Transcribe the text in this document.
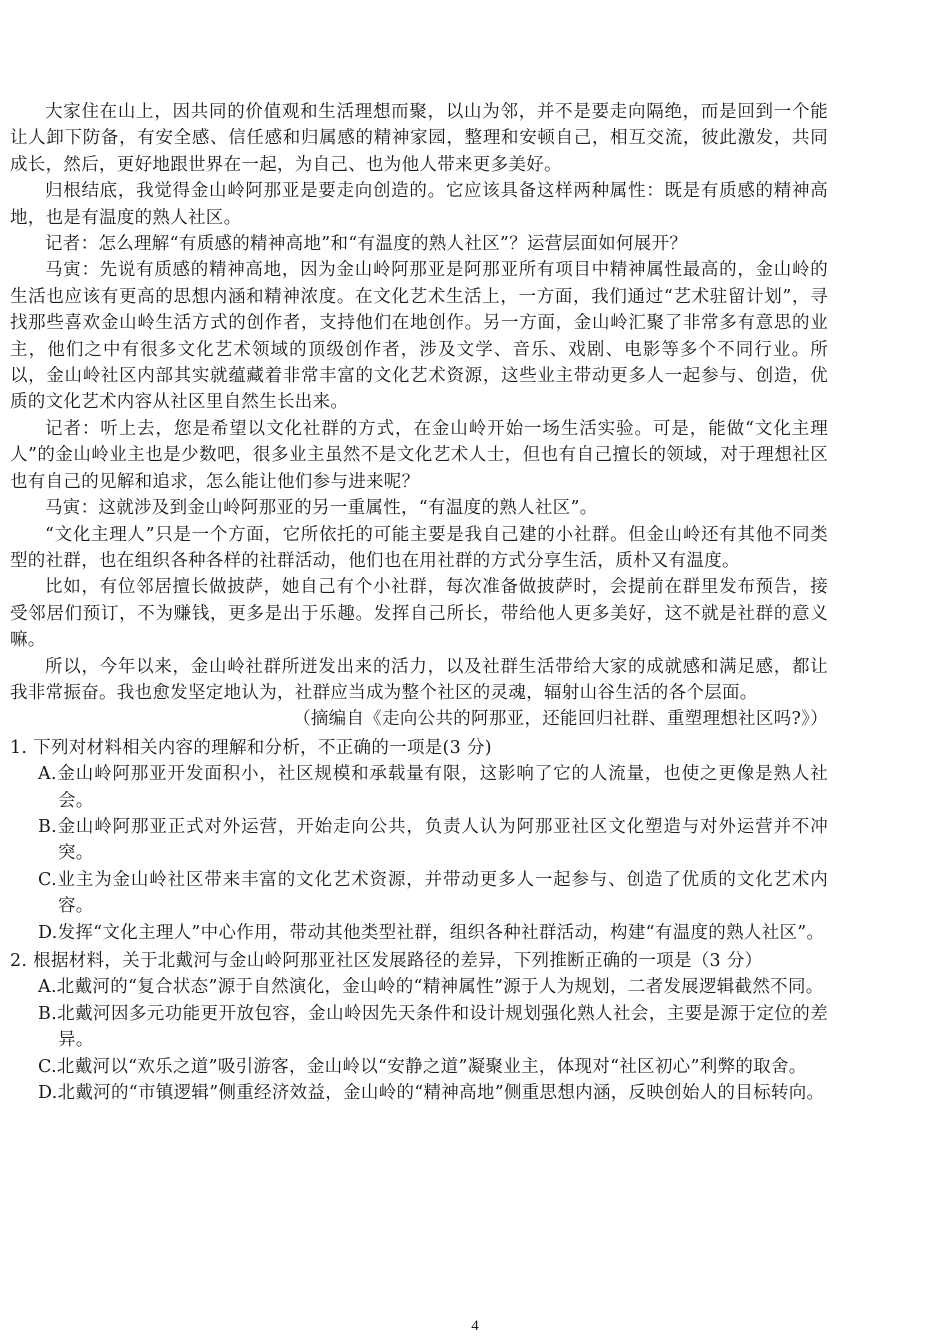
大家住在山上，因共同的价值观和生活理想而聚，以山为邻，并不是要走向隔绝，而是回到一个能让人卸下防备，有安全感、信任感和归属感的精神家园，整理和安顿自己，相互交流，彼此激发，共同成长，然后，更好地跟世界在一起，为自己、也为他人带来更多美好。

归根结底，我觉得金山岭阿那亚是要走向创造的。它应该具备这样两种属性：既是有质感的精神高地，也是有温度的熟人社区。

记者：怎么理解“有质感的精神高地”和“有温度的熟人社区”？运营层面如何展开？

马寅：先说有质感的精神高地，因为金山岭阿那亚是阿那亚所有项目中精神属性最高的，金山岭的生活也应该有更高的思想内涵和精神浓度。在文化艺术生活上，一方面，我们通过“艺术驻留计划”，寻找那些喜欢金山岭生活方式的创作者，支持他们在地创作。另一方面，金山岭汇聚了非常多有意思的业主，他们之中有很多文化艺术领域的顶级创作者，涉及文学、音乐、戏剧、电影等多个不同行业。所以，金山岭社区内部其实就蕴藏着非常丰富的文化艺术资源，这些业主带动更多人一起参与、创造，优质的文化艺术内容从社区里自然生长出来。

记者：听上去，您是希望以文化社群的方式，在金山岭开始一场生活实验。可是，能做“文化主理人”的金山岭业主也是少数吧，很多业主虽然不是文化艺术人士，但也有自己擅长的领域，对于理想社区也有自己的见解和追求，怎么能让他们参与进来呢？

马寅：这就涉及到金山岭阿那亚的另一重属性，“有温度的熟人社区”。

“文化主理人”只是一个方面，它所依托的可能主要是我自己建的小社群。但金山岭还有其他不同类型的社群，也在组织各种各样的社群活动，他们也在用社群的方式分享生活，质朴又有温度。

比如，有位邻居擅长做披萨，她自己有个小社群，每次准备做披萨时，会提前在群里发布预告，接受邻居们预订，不为赚钱，更多是出于乐趣。发挥自己所长，带给他人更多美好，这不就是社群的意义嘛。

所以，今年以来，金山岭社群所迸发出来的活力，以及社群生活带给大家的成就感和满足感，都让我非常振奋。我也愈发坚定地认为，社群应当成为整个社区的灵魂，辐射山谷生活的各个层面。

（摘编自《走向公共的阿那亚，还能回归社群、重塑理想社区吗?》）

1. 下列对材料相关内容的理解和分析，不正确的一项是(3 分)

A.金山岭阿那亚开发面积小，社区规模和承载量有限，这影响了它的人流量，也使之更像是熟人社会。

B.金山岭阿那亚正式对外运营，开始走向公共，负责人认为阿那亚社区文化塑造与对外运营并不冲突。

C.业主为金山岭社区带来丰富的文化艺术资源，并带动更多人一起参与、创造了优质的文化艺术内容。

D.发挥“文化主理人”中心作用，带动其他类型社群，组织各种社群活动，构建“有温度的熟人社区”。

2. 根据材料，关于北戴河与金山岭阿那亚社区发展路径的差异，下列推断正确的一项是（3 分）

A.北戴河的“复合状态”源于自然演化，金山岭的“精神属性”源于人为规划，二者发展逻辑截然不同。

B.北戴河因多元功能更开放包容，金山岭因先天条件和设计规划强化熟人社会，主要是源于定位的差异。

C.北戴河以“欢乐之道”吸引游客，金山岭以“安静之道”凝聚业主，体现对“社区初心”利弊的取舍。

D.北戴河的“市镇逻辑”侧重经济效益，金山岭的“精神高地”侧重思想内涵，反映创始人的目标转向。

4
